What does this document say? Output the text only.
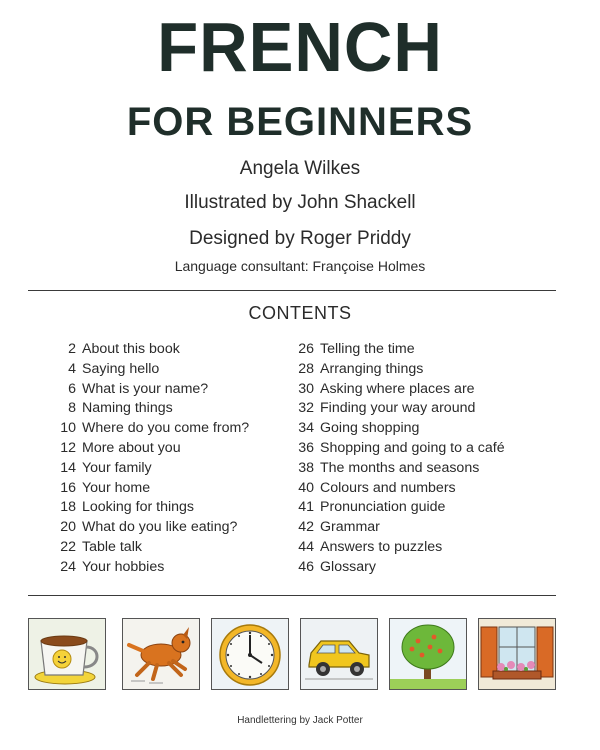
FRENCH
FOR BEGINNERS
Angela Wilkes
Illustrated by John Shackell
Designed by Roger Priddy
Language consultant: Françoise Holmes
CONTENTS
2 About this book
4 Saying hello
6 What is your name?
8 Naming things
10 Where do you come from?
12 More about you
14 Your family
16 Your home
18 Looking for things
20 What do you like eating?
22 Table talk
24 Your hobbies
26 Telling the time
28 Arranging things
30 Asking where places are
32 Finding your way around
34 Going shopping
36 Shopping and going to a café
38 The months and seasons
40 Colours and numbers
41 Pronunciation guide
42 Grammar
44 Answers to puzzles
46 Glossary
Handlettering by Jack Potter
